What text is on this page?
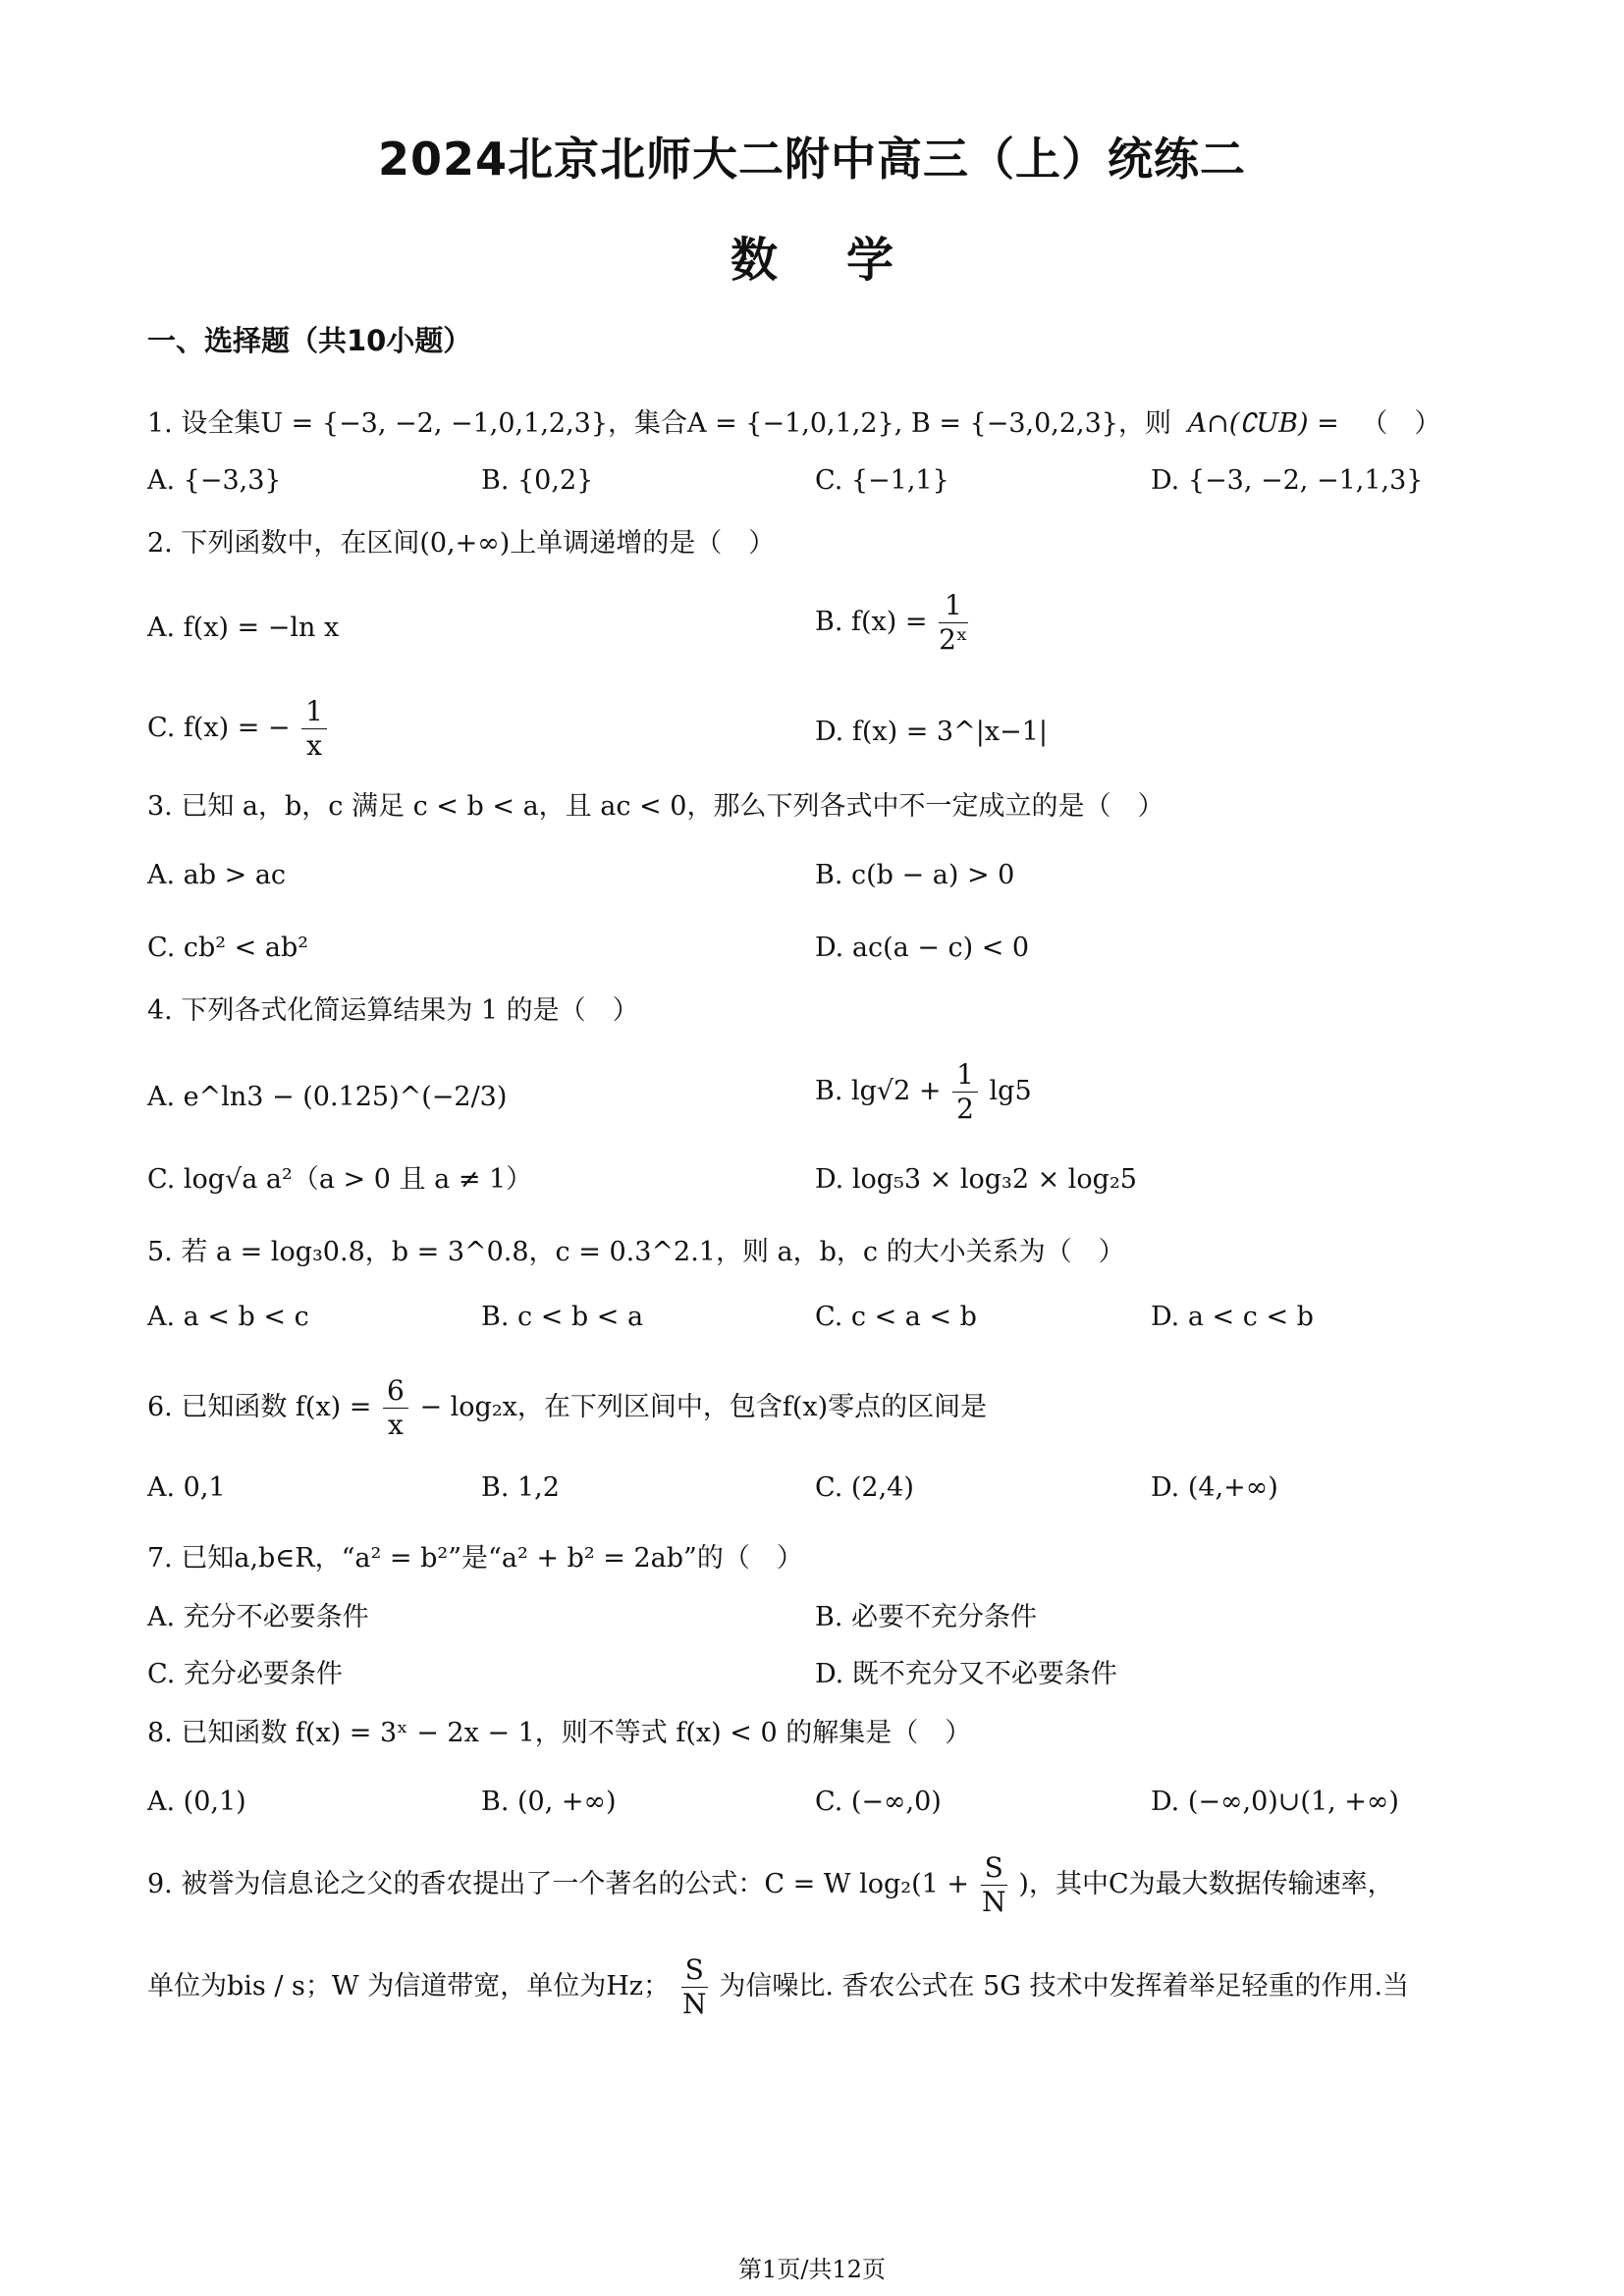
2024北京北师大二附中高三（上）统练二
数学
一、选择题（共10小题）
1. 设全集U = {−3, −2, −1,0,1,2,3}，集合A = {−1,0,1,2}, B = {−3,0,2,3}，则 A∩(∁UB) = （　）
A. {−3,3}	B. {0,2}	C. {−1,1}	D. {−3, −2, −1,1,3}
2. 下列函数中，在区间(0,+∞)上单调递增的是（　）
A. f(x) = −ln x	B. $f(x) = \frac{1}{\text{2ˣ}}$
C. f(x) = − $\frac{1}{x}$	D. f(x) = 3^|x−1|
3. 已知 a，b，c 满足 c < b < a，且 ac < 0，那么下列各式中不一定成立的是（　）
A. ab > ac	B. c(b − a) > 0
C. cb² < ab²	D. ac(a − c) < 0
4. 下列各式化简运算结果为 1 的是（　）
A. e^ln3 − (0.125)^(−2/3)	B. $\lg√2 + \frac{1}{2} \lg 5$
C. log√a a²（a > 0 且 a ≠ 1）	D. log₅3 × log₃2 × log₂5
5. 若 a = log₃0.8，b = 3^0.8，c = 0.3^2.1，则 a，b，c 的大小关系为（　）
A. a < b < c	B. c < b < a	C. c < a < b	D. a < c < b
6. 已知函数 $f(x) = \frac{6}{x} - \log_2x$，在下列区间中，包含f(x)零点的区间是
A. 0,1	B. 1,2	C. (2,4)	D. (4,+∞)
7. 已知a,b∈R，“a² = b²”是“a² + b² = 2ab”的（　）
A. 充分不必要条件	B. 必要不充分条件
C. 充分必要条件	D. 既不充分又不必要条件
8. 已知函数 f(x) = 3ˣ − 2x − 1，则不等式 f(x) < 0 的解集是（　）
A. (0,1)	B. (0, +∞)	C. (−∞,0)	D. (−∞,0)∪(1, +∞)
9. 被誉为信息论之父的香农提出了一个著名的公式：C = W $\log_2(1 + \frac{S}{N}$ )，其中C为最大数据传输速率，
单位为bis / s；W 为信道带宽，单位为Hz； $\frac{S}{N}$ 为信噪比. 香农公式在 5G 技术中发挥着举足轻重的作用.当
第1页/共12页
